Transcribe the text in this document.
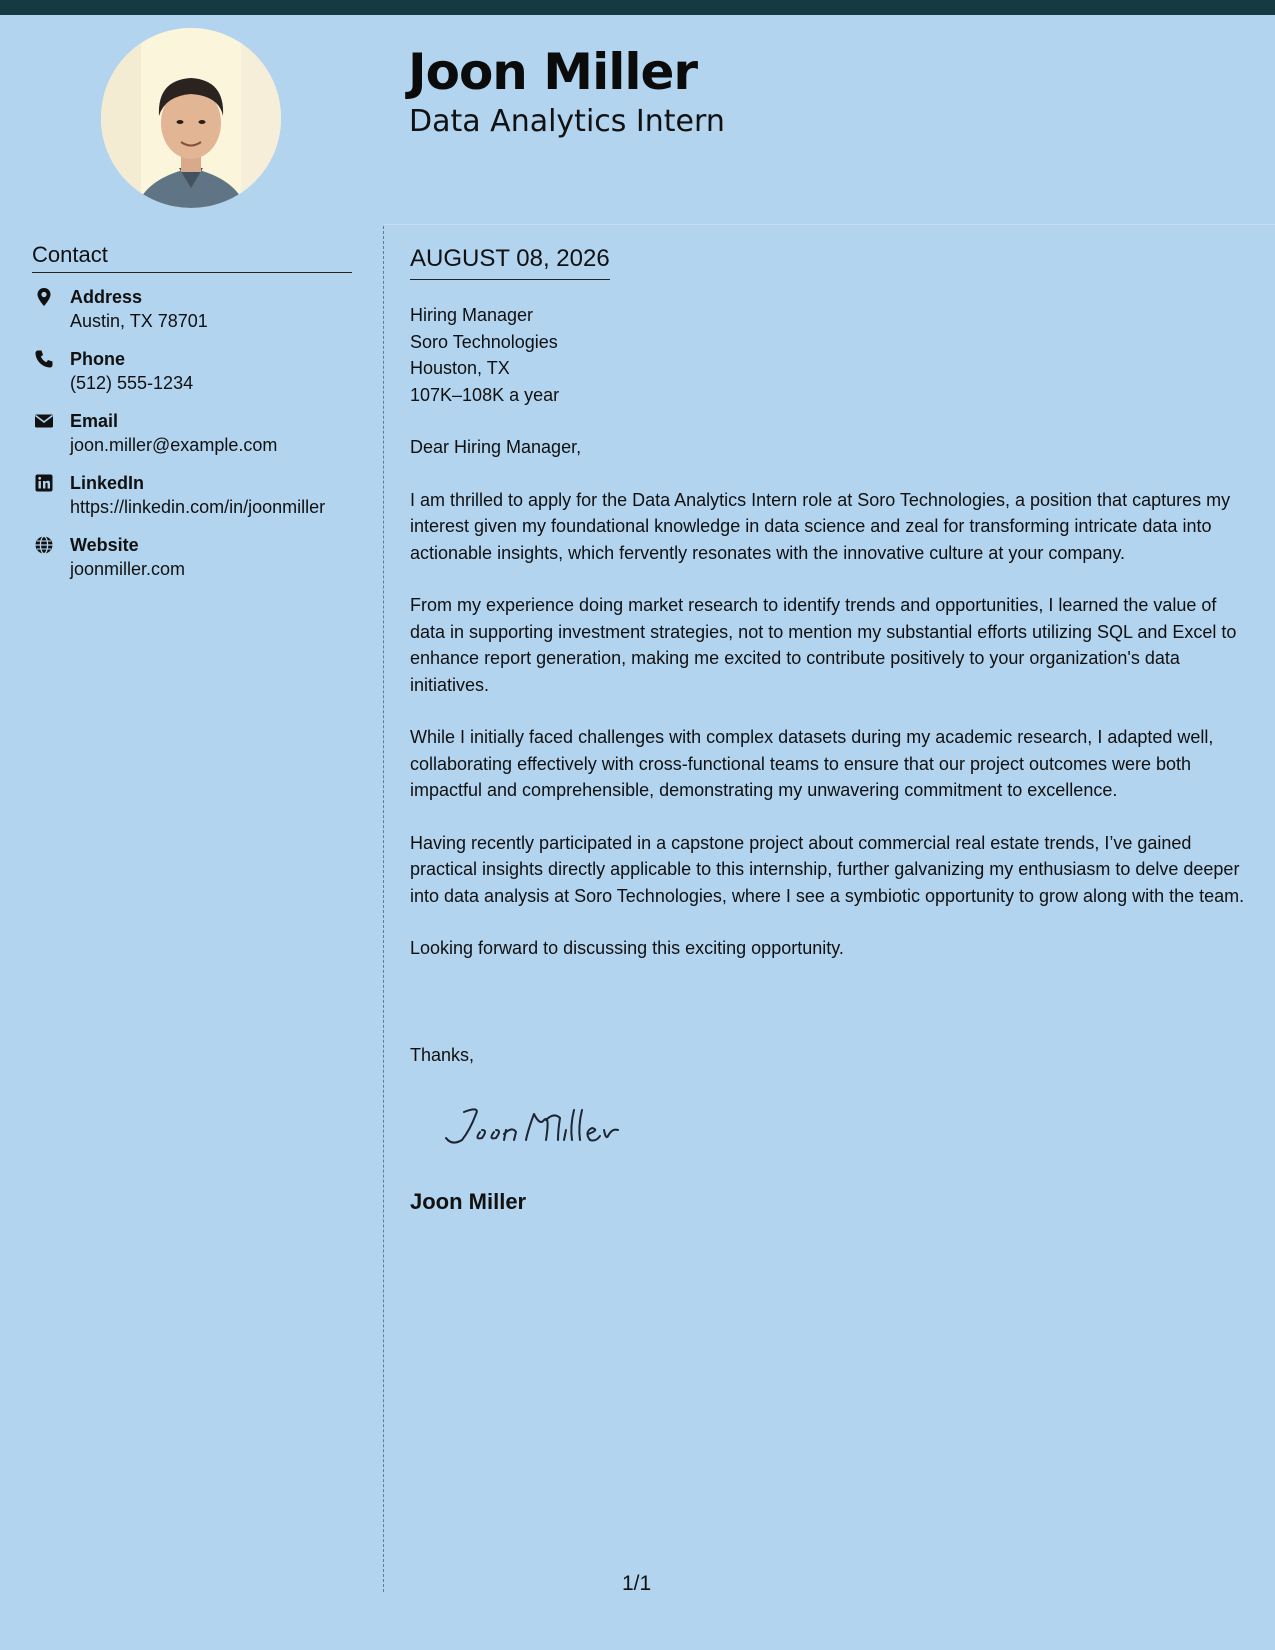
Joon Miller
Data Analytics Intern
Contact
Address
Austin, TX 78701
Phone
(512) 555-1234
Email
joon.miller@example.com
LinkedIn
https://linkedin.com/in/joonmiller
Website
joonmiller.com
AUGUST 08, 2026
Hiring Manager
Soro Technologies
Houston, TX
107K–108K a year
Dear Hiring Manager,
I am thrilled to apply for the Data Analytics Intern role at Soro Technologies, a position that captures my interest given my foundational knowledge in data science and zeal for transforming intricate data into actionable insights, which fervently resonates with the innovative culture at your company.
From my experience doing market research to identify trends and opportunities, I learned the value of data in supporting investment strategies, not to mention my substantial efforts utilizing SQL and Excel to enhance report generation, making me excited to contribute positively to your organization's data initiatives.
While I initially faced challenges with complex datasets during my academic research, I adapted well, collaborating effectively with cross-functional teams to ensure that our project outcomes were both impactful and comprehensible, demonstrating my unwavering commitment to excellence.
Having recently participated in a capstone project about commercial real estate trends, I’ve gained practical insights directly applicable to this internship, further galvanizing my enthusiasm to delve deeper into data analysis at Soro Technologies, where I see a symbiotic opportunity to grow along with the team.
Looking forward to discussing this exciting opportunity.
Thanks,
Joon Miller
1/1
